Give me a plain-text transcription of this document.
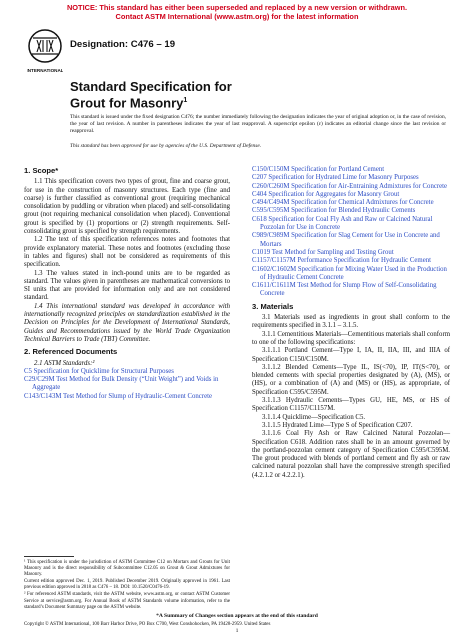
NOTICE: This standard has either been superseded and replaced by a new version or withdrawn.
Contact ASTM International (www.astm.org) for the latest information
INTERNATIONAL
Designation: C476 – 19
Standard Specification for
Grout for Masonry$^1$
This standard is issued under the fixed designation C476; the number immediately following the designation indicates the year of original adoption or, in the case of revision, the year of last revision. A number in parentheses indicates the year of last reapproval. A superscript epsilon (ε) indicates an editorial change since the last revision or reapproval.
This standard has been approved for use by agencies of the U.S. Department of Defense.

1. Scope*

1.1 This specification covers two types of grout, fine and coarse grout, for use in the construction of masonry structures. Each type (fine and coarse) is further classified as conventional grout (requiring mechanical consolidation by puddling or vibration when placed) and self-consolidating grout (not requiring mechanical consolidation when placed). Conventional grout is specified by (1) proportions or (2) strength requirements. Self-consolidating grout is specified by strength requirements.

1.2 The text of this specification references notes and footnotes that provide explanatory material. These notes and footnotes (excluding those in tables and figures) shall not be considered as requirements of this specification.

1.3 The values stated in inch-pound units are to be regarded as standard. The values given in parentheses are mathematical conversions to SI units that are provided for information only and are not considered standard.

1.4 This international standard was developed in accordance with internationally recognized principles on standardization established in the Decision on Principles for the Development of International Standards, Guides and Recommendations issued by the World Trade Organization Technical Barriers to Trade (TBT) Committee.

2. Referenced Documents

2.1 ASTM Standards:²

C5 Specification for Quicklime for Structural Purposes

C29/C29M Test Method for Bulk Density (“Unit Weight”) and Voids in Aggregate

C143/C143M Test Method for Slump of Hydraulic-Cement Concrete

C150/C150M Specification for Portland Cement

C207 Specification for Hydrated Lime for Masonry Purposes

C260/C260M Specification for Air-Entraining Admixtures for Concrete

C404 Specification for Aggregates for Masonry Grout

C494/C494M Specification for Chemical Admixtures for Concrete

C595/C595M Specification for Blended Hydraulic Cements

C618 Specification for Coal Fly Ash and Raw or Calcined Natural Pozzolan for Use in Concrete

C989/C989M Specification for Slag Cement for Use in Concrete and Mortars

C1019 Test Method for Sampling and Testing Grout

C1157/C1157M Performance Specification for Hydraulic Cement

C1602/C1602M Specification for Mixing Water Used in the Production of Hydraulic Cement Concrete

C1611/C1611M Test Method for Slump Flow of Self-Consolidating Concrete

3. Materials

3.1 Materials used as ingredients in grout shall conform to the requirements specified in 3.1.1 – 3.1.5.

3.1.1 Cementitious Materials—Cementitious materials shall conform to one of the following specifications:

3.1.1.1 Portland Cement—Type I, IA, II, IIA, III, and IIIA of Specification C150/C150M.

3.1.1.2 Blended Cements—Type IL, IS(<70), IP, IT(S<70), or blended cements with special properties designated by (A), (MS), or (HS), or a combination of (A) and (MS) or (HS), as appropriate, of Specification C595/C595M.

3.1.1.3 Hydraulic Cements—Types GU, HE, MS, or HS of Specification C1157/C1157M.

3.1.1.4 Quicklime—Specification C5.

3.1.1.5 Hydrated Lime—Type S of Specification C207.

3.1.1.6 Coal Fly Ash or Raw Calcined Natural Pozzolan—Specification C618. Addition rates shall be in an amount governed by the portland-pozzolan cement category of Specification C595/C595M. The grout produced with blends of portland cement and fly ash or raw calcined natural pozzolan shall have the compressive strength specified (4.2.1.2 or 4.2.2.1).

¹ This specification is under the jurisdiction of ASTM Committee C12 on Mortars and Grouts for Unit Masonry and is the direct responsibility of Subcommittee C12.05 on Grout & Grout Admixtures for Masonry.

Current edition approved Dec. 1, 2019. Published December 2019. Originally approved in 1961. Last previous edition approved in 2018 as C476 – 18. DOI: 10.1520/C0476-19.

² For referenced ASTM standards, visit the ASTM website, www.astm.org, or contact ASTM Customer Service at service@astm.org. For Annual Book of ASTM Standards volume information, refer to the standard’s Document Summary page on the ASTM website.

*A Summary of Changes section appears at the end of this standard
Copyright © ASTM International, 100 Barr Harbor Drive, PO Box C700, West Conshohocken, PA 19428-2959. United States
1
